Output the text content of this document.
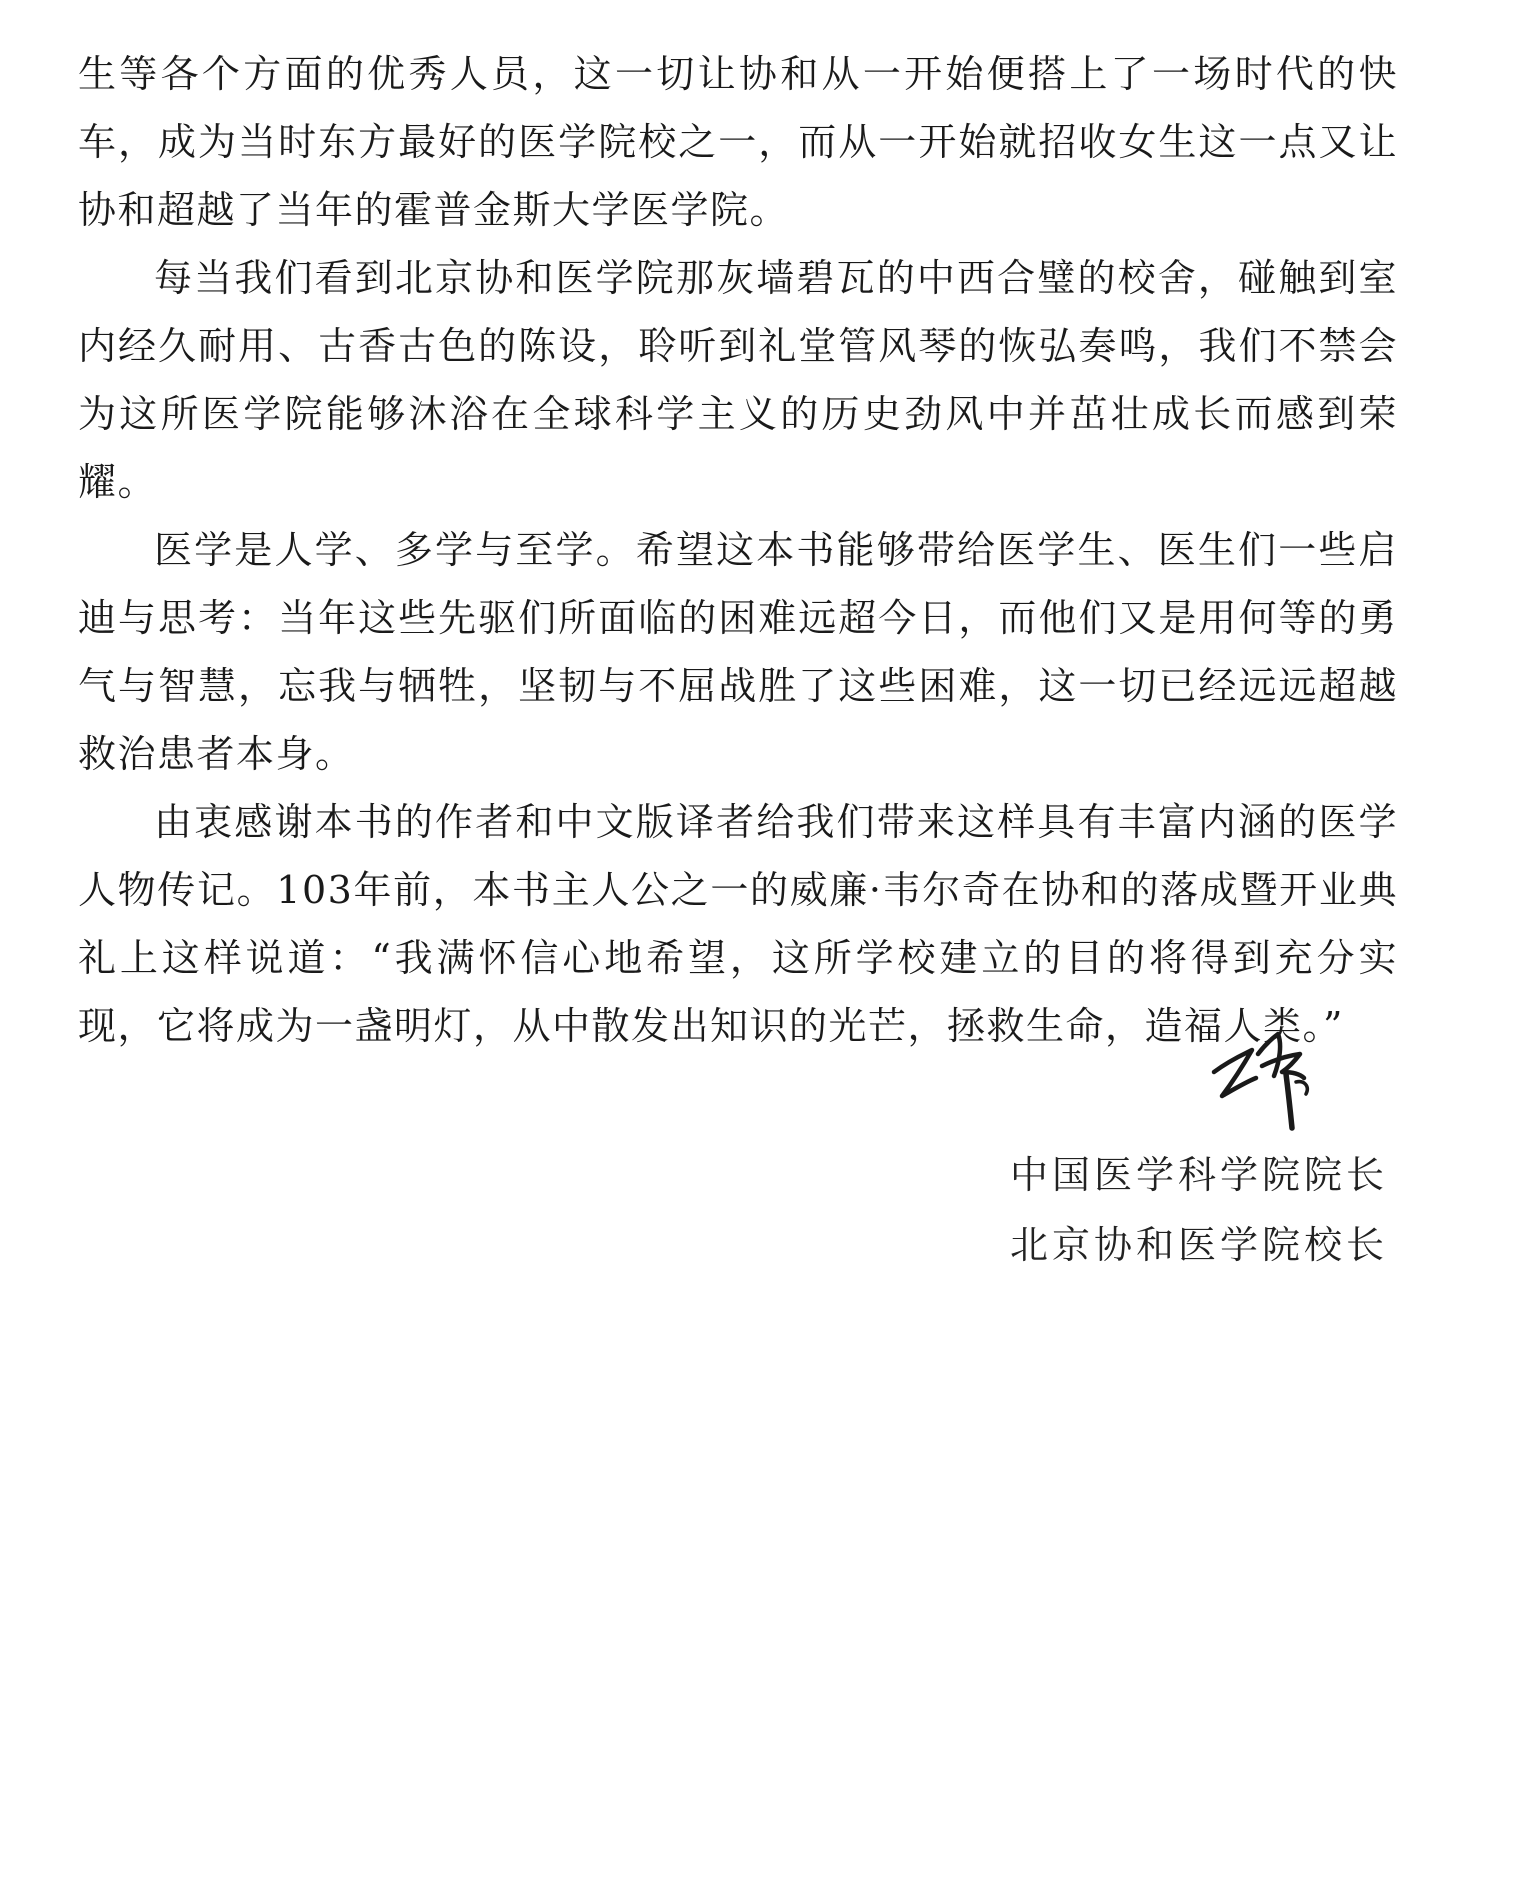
生等各个方面的优秀人员，这一切让协和从一开始便搭上了一场时代的快车，成为当时东方最好的医学院校之一，而从一开始就招收女生这一点又让协和超越了当年的霍普金斯大学医学院。

每当我们看到北京协和医学院那灰墙碧瓦的中西合璧的校舍，碰触到室内经久耐用、古香古色的陈设，聆听到礼堂管风琴的恢弘奏鸣，我们不禁会为这所医学院能够沐浴在全球科学主义的历史劲风中并茁壮成长而感到荣耀。

医学是人学、多学与至学。希望这本书能够带给医学生、医生们一些启迪与思考：当年这些先驱们所面临的困难远超今日，而他们又是用何等的勇气与智慧，忘我与牺牲，坚韧与不屈战胜了这些困难，这一切已经远远超越救治患者本身。

由衷感谢本书的作者和中文版译者给我们带来这样具有丰富内涵的医学人物传记。103年前，本书主人公之一的威廉·韦尔奇在协和的落成暨开业典礼上这样说道：“我满怀信心地希望，这所学校建立的目的将得到充分实现，它将成为一盏明灯，从中散发出知识的光芒，拯救生命，造福人类。”

中国医学科学院院长
北京协和医学院校长
